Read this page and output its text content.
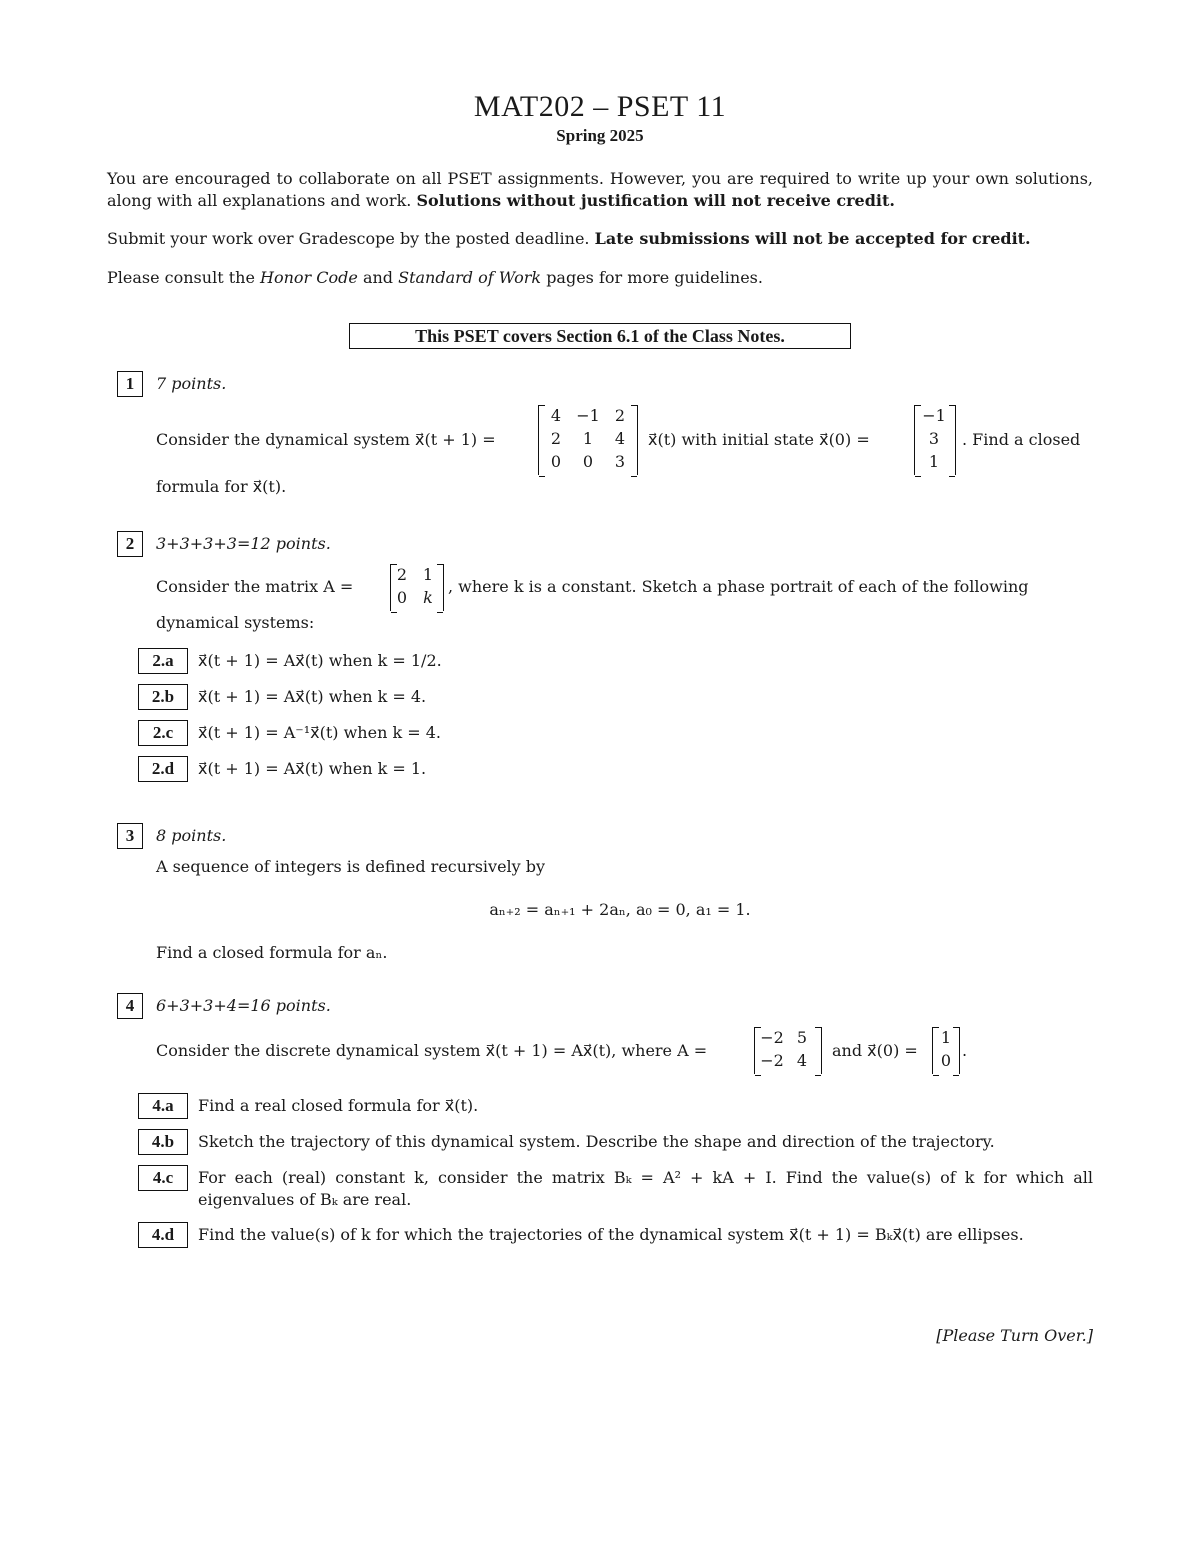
MAT202 – PSET 11
Spring 2025
You are encouraged to collaborate on all PSET assignments. However, you are required to write up your own solutions, along with all explanations and work. Solutions without justification will not receive credit.
Submit your work over Gradescope by the posted deadline. Late submissions will not be accepted for credit.
Please consult the Honor Code and Standard of Work pages for more guidelines.
This PSET covers Section 6.1 of the Class Notes.
1	7 points.
Consider the dynamical system x⃗(t + 1) =
4 −1 2
2	1	4
0	0	3
x⃗(t) with initial state x⃗(0) =
−1
3
1
. Find a closed
formula for x⃗(t).
2	3+3+3+3=12 points.
Consider the matrix A =
2 1
0	k
, where k is a constant. Sketch a phase portrait of each of the following
dynamical systems:
2.a	x⃗(t + 1) = Ax⃗(t) when k = 1/2.
2.b	x⃗(t + 1) = Ax⃗(t) when k = 4.
2.c	x⃗(t + 1) = A⁻¹x⃗(t) when k = 4.
2.d	x⃗(t + 1) = Ax⃗(t) when k = 1.
3	8 points.
A sequence of integers is defined recursively by
aₙ₊₂ = aₙ₊₁ + 2aₙ, a₀ = 0, a₁ = 1.
Find a closed formula for aₙ.
4	6+3+3+4=16 points.
Consider the discrete dynamical system x⃗(t + 1) = Ax⃗(t), where A =
−2 5
−2 4
and x⃗(0) =
1
0
.
4.a	Find a real closed formula for x⃗(t).
4.b	Sketch the trajectory of this dynamical system. Describe the shape and direction of the trajectory.
4.c	For each (real) constant k, consider the matrix Bₖ = A² + kA + I. Find the value(s) of k for which all eigenvalues of Bₖ are real.
4.d	Find the value(s) of k for which the trajectories of the dynamical system x⃗(t + 1) = Bₖx⃗(t) are ellipses.
[Please Turn Over.]
